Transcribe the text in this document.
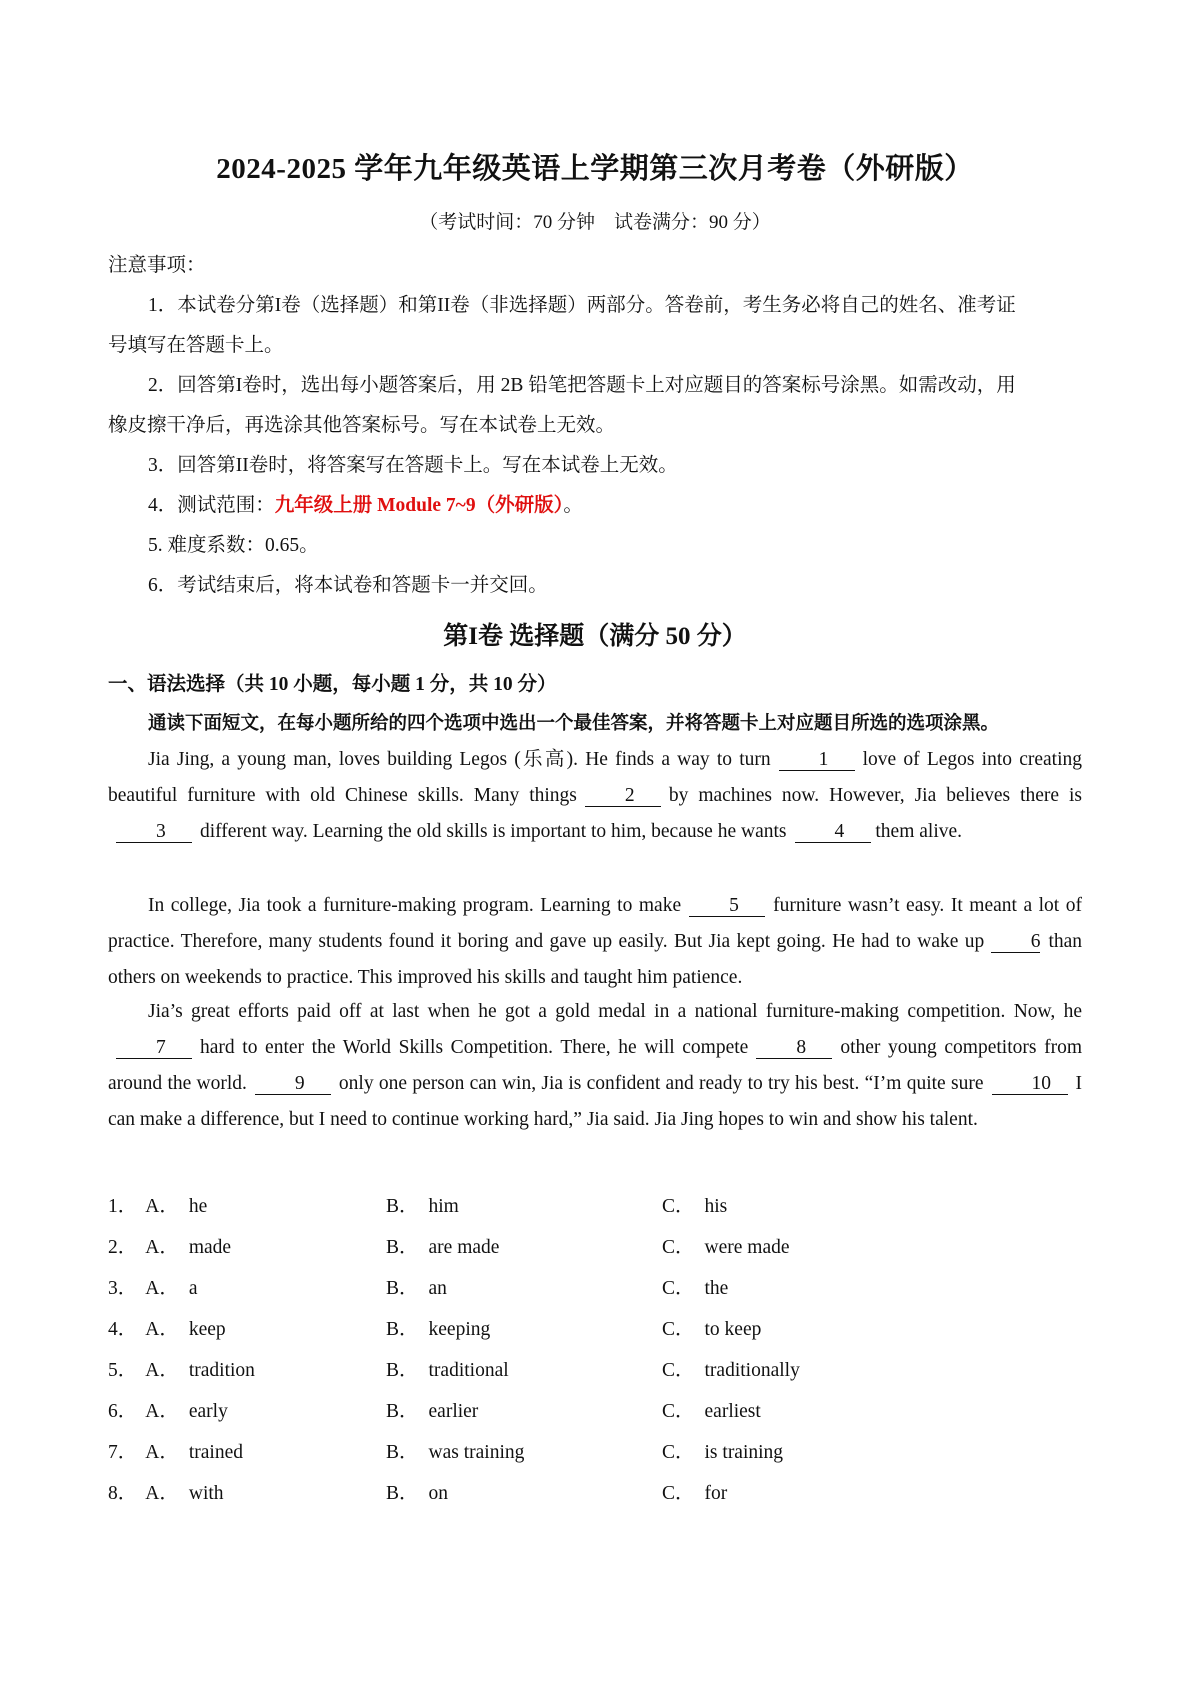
2024-2025 学年九年级英语上学期第三次月考卷（外研版）
（考试时间：70 分钟　试卷满分：90 分）
注意事项：
1．本试卷分第I卷（选择题）和第II卷（非选择题）两部分。答卷前，考生务必将自己的姓名、准考证
号填写在答题卡上。
2．回答第I卷时，选出每小题答案后，用 2B 铅笔把答题卡上对应题目的答案标号涂黑。如需改动，用
橡皮擦干净后，再选涂其他答案标号。写在本试卷上无效。
3．回答第II卷时，将答案写在答题卡上。写在本试卷上无效。
4．测试范围：九年级上册 Module 7~9（外研版）。
5. 难度系数：0.65。
6．考试结束后，将本试卷和答题卡一并交回。
第I卷 选择题（满分 50 分）
一、语法选择（共 10 小题，每小题 1 分，共 10 分）
通读下面短文，在每小题所给的四个选项中选出一个最佳答案，并将答题卡上对应题目所选的选项涂黑。
Jia Jing, a young man, loves building Legos (乐高). He finds a way to turn 1 love of Legos into creating beautiful furniture with old Chinese skills. Many things 2 by machines now. However, Jia believes there is3 different way. Learning the old skills is important to him, because he wants 4 them alive.
In college, Jia took a furniture-making program. Learning to make 5 furniture wasn’t easy. It meant a lot of practice. Therefore, many students found it boring and gave up easily. But Jia kept going. He had to wake up 6 than others on weekends to practice. This improved his skills and taught him patience.
Jia’s great efforts paid off at last when he got a gold medal in a national furniture-making competition. Now, he7 hard to enter the World Skills Competition. There, he will compete 8 other young competitors from around the world. 9 only one person can win, Jia is confident and ready to try his best. “I’m quite sure 10 I can make a difference, but I need to continue working hard,” Jia said. Jia Jing hopes to win and show his talent.
1． A． he	B． him	C． his
2． A． made	B． are made	C． were made
3． A． a	B． an	C． the
4． A． keep	B． keeping	C． to keep
5． A． tradition	B． traditional	C． traditionally
6． A． early	B． earlier	C． earliest
7． A． trained	B． was training	C． is training
8． A． with	B． on	C． for
